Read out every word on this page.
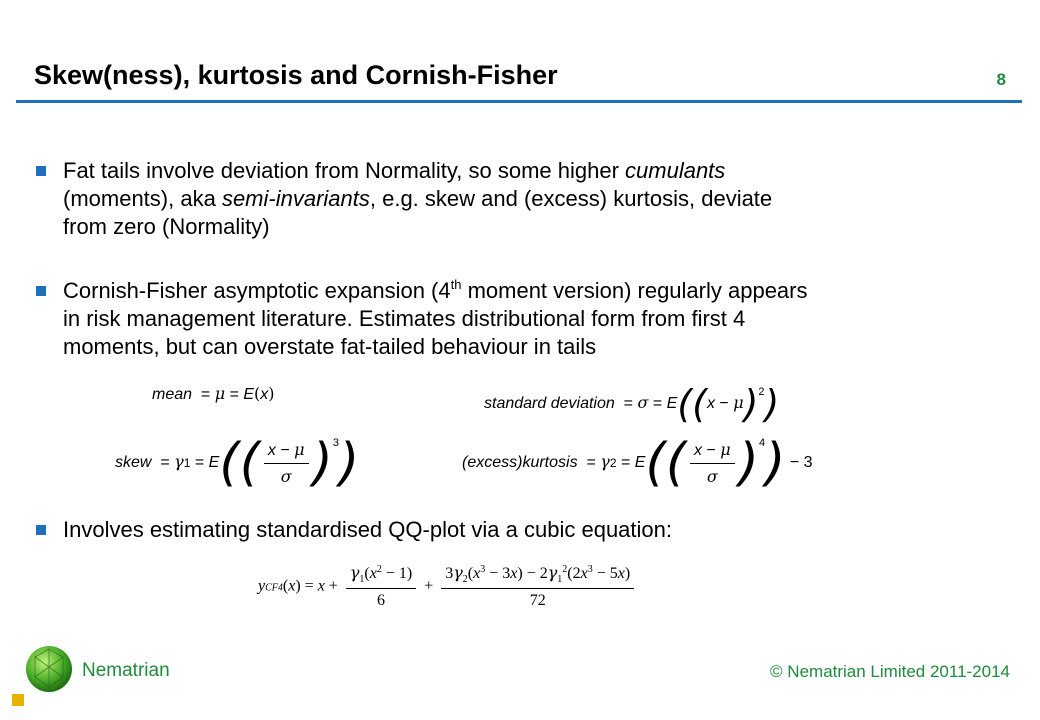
Skew(ness), kurtosis and Cornish-Fisher	8
Fat tails involve deviation from Normality, so some higher cumulants
(moments), aka semi-invariants, e.g. skew and (excess) kurtosis, deviate
from zero (Normality)
Cornish-Fisher asymptotic expansion (4th moment version) regularly appears
in risk management literature. Estimates distributional form from first 4
moments, but can overstate fat-tailed behaviour in tails
mean  = μ = E(x)
standard deviation  = $\sigma = E((x - \mu)^2)$
skew  = $\gamma 1 = E(( \frac{x - \mu}{\sigma} )^3)$	(excess)kurtosis  = $\gamma 2 = E(( \frac{x - \mu}{\sigma} )^4) - 3$
Involves estimating standardised QQ-plot via a cubic equation:
$yCF4(x) = x + \frac{\gamma_1(x^2 - 1)}{6} + \frac{3\gamma_2(x^3 - 3x) - 2\gamma_1^2(2x^3 - 5x)}{72}$
Nematrian	© Nematrian Limited 2011-2014
